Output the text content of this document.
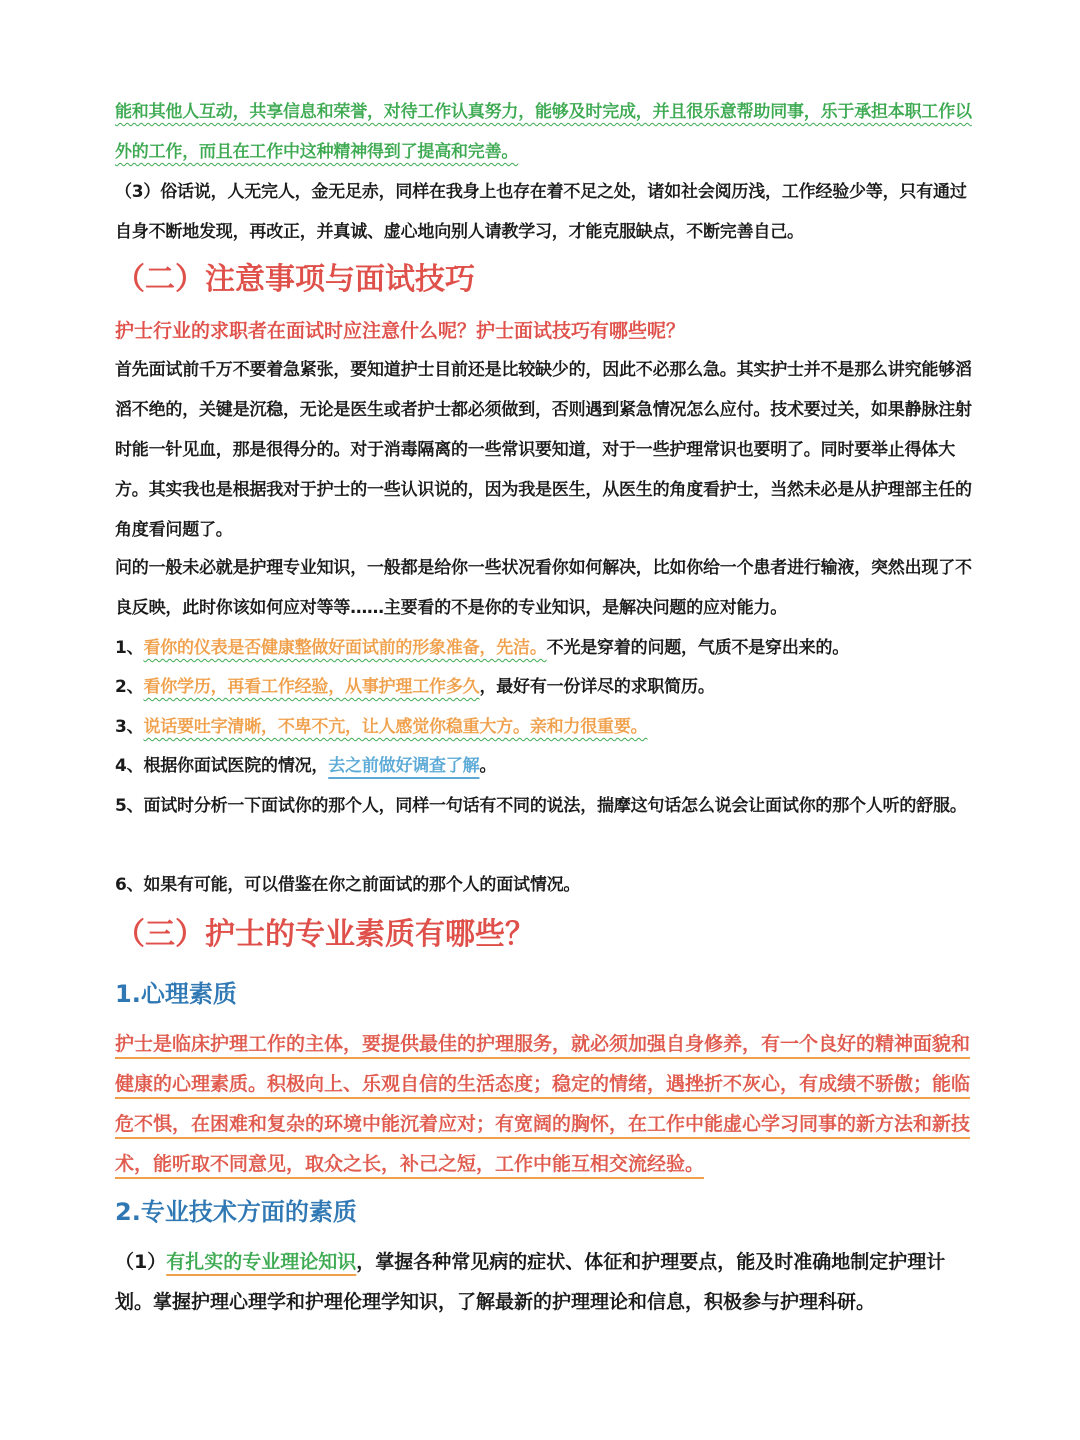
能和其他人互动，共享信息和荣誉，对待工作认真努力，能够及时完成，并且很乐意帮助同事，乐于承担本职工作以外的工作，而且在工作中这种精神得到了提高和完善。

（3）俗话说，人无完人，金无足赤，同样在我身上也存在着不足之处，诸如社会阅历浅，工作经验少等，只有通过自身不断地发现，再改正，并真诚、虚心地向别人请教学习，才能克服缺点，不断完善自己。

（二）注意事项与面试技巧

护士行业的求职者在面试时应注意什么呢？护士面试技巧有哪些呢？

首先面试前千万不要着急紧张，要知道护士目前还是比较缺少的，因此不必那么急。其实护士并不是那么讲究能够滔滔不绝的，关键是沉稳，无论是医生或者护士都必须做到，否则遇到紧急情况怎么应付。技术要过关，如果静脉注射时能一针见血，那是很得分的。对于消毒隔离的一些常识要知道，对于一些护理常识也要明了。同时要举止得体大方。其实我也是根据我对于护士的一些认识说的，因为我是医生，从医生的角度看护士，当然未必是从护理部主任的角度看问题了。

问的一般未必就是护理专业知识，一般都是给你一些状况看你如何解决，比如你给一个患者进行输液，突然出现了不良反映，此时你该如何应对等等……主要看的不是你的专业知识，是解决问题的应对能力。

1、看你的仪表是否健康整做好面试前的形象准备，先洁。不光是穿着的问题，气质不是穿出来的。

2、看你学历，再看工作经验，从事护理工作多久，最好有一份详尽的求职简历。

3、说话要吐字清晰，不卑不亢，让人感觉你稳重大方。亲和力很重要。

4、根据你面试医院的情况，去之前做好调查了解。

5、面试时分析一下面试你的那个人，同样一句话有不同的说法，揣摩这句话怎么说会让面试你的那个人听的舒服。

6、如果有可能，可以借鉴在你之前面试的那个人的面试情况。

（三）护士的专业素质有哪些？
1.心理素质

护士是临床护理工作的主体，要提供最佳的护理服务，就必须加强自身修养，有一个良好的精神面貌和健康的心理素质。积极向上、乐观自信的生活态度；稳定的情绪，遇挫折不灰心，有成绩不骄傲；能临危不惧，在困难和复杂的环境中能沉着应对；有宽阔的胸怀，在工作中能虚心学习同事的新方法和新技术，能听取不同意见，取众之长，补己之短，工作中能互相交流经验。

2.专业技术方面的素质

（1）有扎实的专业理论知识，掌握各种常见病的症状、体征和护理要点，能及时准确地制定护理计划。掌握护理心理学和护理伦理学知识，了解最新的护理理论和信息，积极参与护理科研。
